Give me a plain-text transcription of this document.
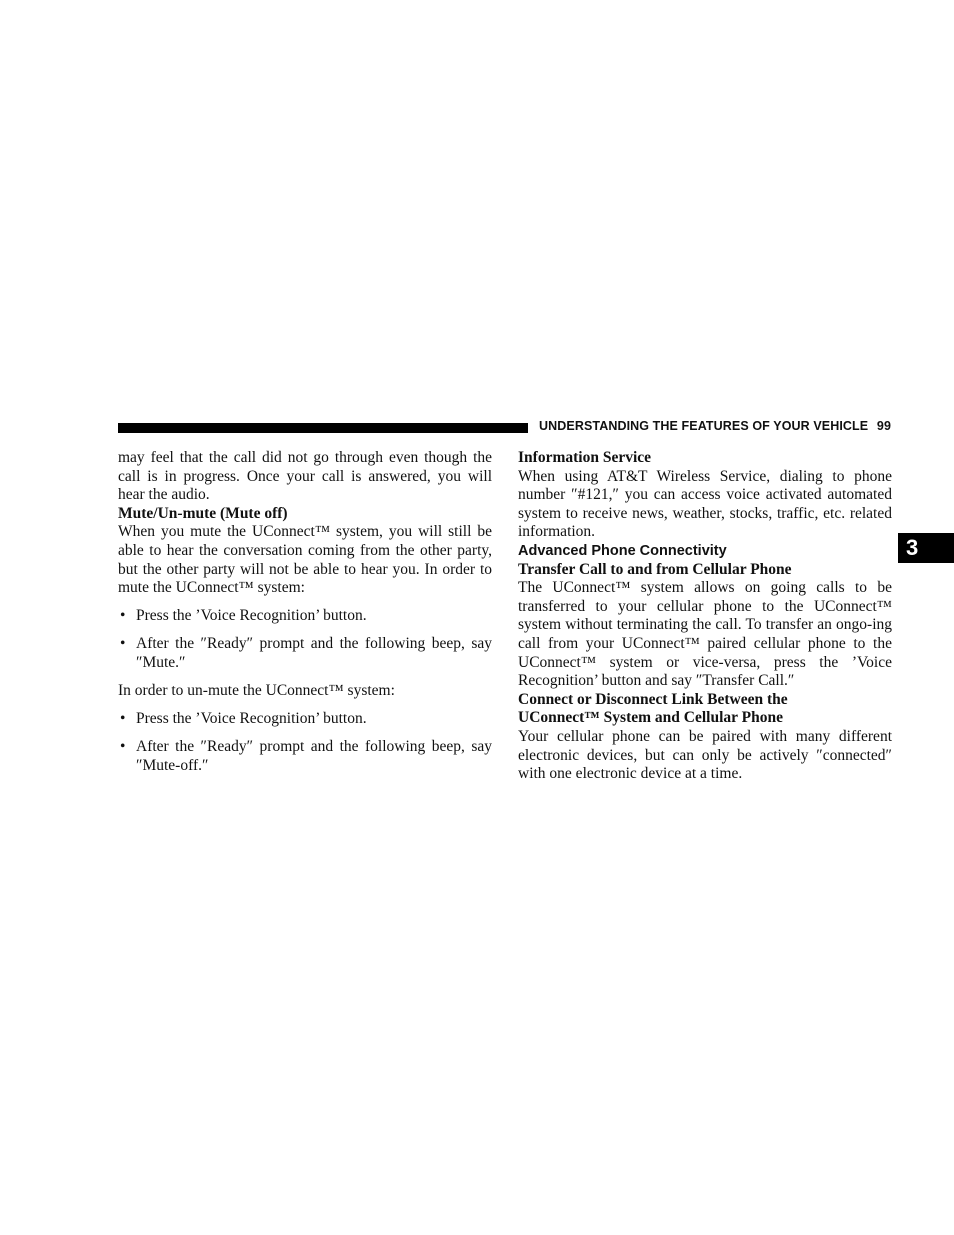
UNDERSTANDING THE FEATURES OF YOUR VEHICLE 99
3

may feel that the call did not go through even though the call is in progress. Once your call is answered, you will hear the audio.

Mute/Un-mute (Mute off)

When you mute the UConnect™ system, you will still be able to hear the conversation coming from the other party, but the other party will not be able to hear you. In order to mute the UConnect™ system:

• Press the ’Voice Recognition’ button.
• After the ″Ready″ prompt and the following beep, say ″Mute.″

In order to un-mute the UConnect™ system:

• Press the ’Voice Recognition’ button.
• After the ″Ready″ prompt and the following beep, say ″Mute-off.″

Information Service

When using AT&T Wireless Service, dialing to phone number ″#121,″ you can access voice activated automated system to receive news, weather, stocks, traffic, etc. related information.

Advanced Phone Connectivity

Transfer Call to and from Cellular Phone

The UConnect™ system allows on going calls to be transferred to your cellular phone to the UConnect™ system without terminating the call. To transfer an ongo-ing call from your UConnect™ paired cellular phone to the UConnect™ system or vice-versa, press the ’Voice Recognition’ button and say ″Transfer Call.″

Connect or Disconnect Link Between the
UConnect™ System and Cellular Phone

Your cellular phone can be paired with many different electronic devices, but can only be actively ″connected″ with one electronic device at a time.
